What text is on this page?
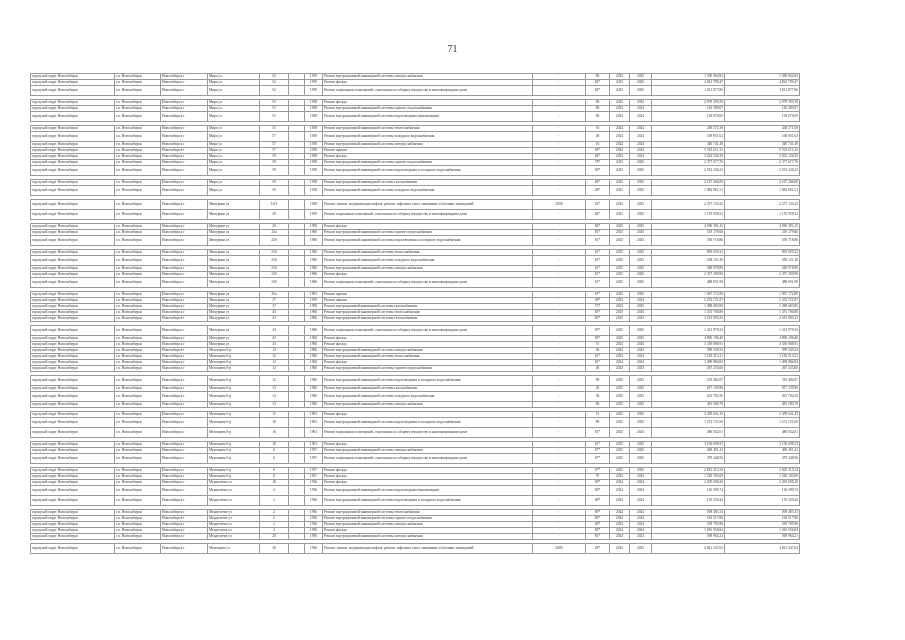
71
городской округ Новосибирск	г.п. Новосибирск	Новосибирск г	Мира ул	52		1959	Ремонт внутридомовой инженерной системы электроснабжения	-	60	2023	2025	1 390 064,84	1 390 064,84
городской округ Новосибирск	г.п. Новосибирск	Новосибирск г	Мира ул	52		1959	Ремонт фасада	-	84*	2023	2025	4 823 799,47	4 823 799,47
городской округ Новосибирск	г.п. Новосибирск	Новосибирск г	Мира ул	52		1959	Ремонт подвальных помещений, относящихся к общему имуществу в многоквартирном доме	-	84*	2023	2025	1 011 877,86	1 011 877,86

городской округ Новосибирск	г.п. Новосибирск	Новосибирск г	Мира ул	53		1958	Ремонт фасада	-	60	2023	2023	2 979 395,50	2 979 395,50
городской округ Новосибирск	г.п. Новосибирск	Новосибирск г	Мира ул	53		1958	Ремонт внутридомовой инженерной системы горячего водоснабжения	-	69	2024	2024	145 389,07	145 389,07
городской округ Новосибирск	г.п. Новосибирск	Новосибирск г	Мира ул	53		1958	Ремонт внутридомовой инженерной системы водоотведения (канализации)	-	60	2024	2024	139 670,69	139 670,69

городской округ Новосибирск	г.п. Новосибирск	Новосибирск г	Мира ул	53		1958	Ремонт внутридомовой инженерной системы теплоснабжения	-	16	2024	2024	438 571,58	438 571,58
городской округ Новосибирск	г.п. Новосибирск	Новосибирск г	Мира ул	57		1958	Ремонт внутридомовой инженерной системы холодного водоснабжения	-	48	2024	2024	100 851,62	100 851,62
городской округ Новосибирск	г.п. Новосибирск	Новосибирск г	Мира ул	57		1958	Ремонт внутридомовой инженерной системы электроснабжения	-	16	2024	2024	340 741,49	340 741,49
городской округ Новосибирск	г.п. Новосибирск	Новосибирск г	Мира ул	57		1958	Ремонт крыши	-	84*	2024	2024	5 523 011,23	5 523 011,23
городской округ Новосибирск	г.п. Новосибирск	Новосибирск г	Мира ул	59		1958	Ремонт фасада	-	84*	2024	2024	3 032 126,30	3 032 126,30
городской округ Новосибирск	г.п. Новосибирск	Новосибирск г	Мира ул	59		1958	Ремонт внутридомовой инженерной системы горячего водоснабжения	-	78*	2023	2025	2 377 677,76	2 377 677,76
городской округ Новосибирск	г.п. Новосибирск	Новосибирск г	Мира ул	59		1958	Ремонт внутридомовой инженерной системы водоотведения и холодного водоснабжения	-	69*	2023	2025	2 553 226,23	2 553 226,23

городской округ Новосибирск	г.п. Новосибирск	Новосибирск г	Мира ул	59		1958	Ремонт внутридомовой инженерной системы газоснабжения	-	84*	2023	2025	2 167 266,00	2 167 266,00
городской округ Новосибирск	г.п. Новосибирск	Новосибирск г	Мира ул	59		1958	Ремонт внутридомовой инженерной системы холодного водоснабжения	-	48*	2023	2025	1 082 061,51	1 082 061,51

городской округ Новосибирск	г.п. Новосибирск	Новосибирск г	Мичурина ул	10/3		1958	Ремонт, замена, модернизация лифтов, ремонт лифтовых шахт, машинных и блочных помещений	2058	82*	2023	2025	2 257 133,42	2 257 133,42
городской округ Новосибирск	г.п. Новосибирск	Новосибирск г	Мичурина ул	20		1959	Ремонт подвальных помещений, относящихся к общему имуществу в многоквартирном доме	-	84*	2023	2025	1 170 958,52	1 170 958,52

городской округ Новосибирск	г.п. Новосибирск	Новосибирск г	Мичурина ул	20		1959	Ремонт фасада	-	84*	2025	2025	4 596 381,25	4 596 381,25
городской округ Новосибирск	г.п. Новосибирск	Новосибирск г	Мичурина ул	23а		1960	Ремонт внутридомовой инженерной системы горячего водоснабжения	-	81*	2025	2025	319 179,66	319 179,66
городской округ Новосибирск	г.п. Новосибирск	Новосибирск г	Мичурина ул	23б		1960	Ремонт внутридомовой инженерной системы водоотведения и холодного водоснабжения	-	81*	2025	2025	550 718,86	550 718,86

городской округ Новосибирск	г.п. Новосибирск	Новосибирск г	Мичурина ул	23б		1960	Ремонт внутридомовой инженерной системы теплоснабжения	-	81*	2025	2025	995 050,32	995 050,32
городской округ Новосибирск	г.п. Новосибирск	Новосибирск г	Мичурина ул	23б		1960	Ремонт внутридомовой инженерной системы холодного водоснабжения	-	81*	2025	2025	238 131,30	238 131,30
городской округ Новосибирск	г.п. Новосибирск	Новосибирск г	Мичурина ул	23б		1960	Ремонт внутридомовой инженерной системы электроснабжения	-	81*	2025	2025	548 978,80	548 978,80
городской округ Новосибирск	г.п. Новосибирск	Новосибирск г	Мичурина ул	23б		1960	Ремонт фасада	-	81*	2025	2025	2 357 399,90	2 357 399,90
городской округ Новосибирск	г.п. Новосибирск	Новосибирск г	Мичурина ул	23б		1960	Ремонт подвальных помещений, относящихся к общему имуществу в многоквартирном доме	-	81*	2025	2025	488 051,90	488 051,90

городской округ Новосибирск	г.п. Новосибирск	Новосибирск г	Мичурина ул	25а		1961	Ремонт крыши	-	81*	2023	2025	1 967 172,80	1 967 172,80
городской округ Новосибирск	г.п. Новосибирск	Новосибирск г	Мичурина ул	37		1959	Ремонт крыши	-	69*	2024	2024	5 253 721,87	5 253 721,87
городской округ Новосибирск	г.п. Новосибирск	Новосибирск г	Мичурина ул	37		1959	Ремонт внутридомовой инженерной системы газоснабжения	-	73*	2023	2025	1 388 683,85	1 388 683,85
городской округ Новосибирск	г.п. Новосибирск	Новосибирск г	Мичурина ул	43		1960	Ремонт внутридомовой инженерной системы теплоснабжения	-	85*	2025	2025	1 351 700,80	1 351 700,80
городской округ Новосибирск	г.п. Новосибирск	Новосибирск г	Мичурина ул	43		1960	Ремонт внутридомовой инженерной системы газоснабжения	-	85*	2025	2025	2 615 903,33	2 615 903,33

городской округ Новосибирск	г.п. Новосибирск	Новосибирск г	Мичурина ул	43		1960	Ремонт подвальных помещений, относящихся к общему имуществу в многоквартирном доме	-	85*	2025	2025	1 413 979,33	1 413 979,33
городской округ Новосибирск	г.п. Новосибирск	Новосибирск г	Мичурина ул	43		1960	Ремонт фасада	-	85*	2025	2025	4 896 196,40	4 896 196,40
городской округ Новосибирск	г.п. Новосибирск	Новосибирск г	Мичурина ул	43		1960	Ремонт фасада	-	15	2025	2025	3 339 808,91	3 339 808,91
городской округ Новосибирск	г.п. Новосибирск	Новосибирск г	Мезенцева б-р	12		1960	Ремонт внутридомовой инженерной системы электроснабжения	-	46	2024	2024	599 549,54	599 549,54
городской округ Новосибирск	г.п. Новосибирск	Новосибирск г	Мезенцева б-р	12		1960	Ремонт внутридомовой инженерной системы теплоснабжения	-	81*	2024	2024	1 183 313,21	1 183 313,21
городской округ Новосибирск	г.п. Новосибирск	Новосибирск г	Мезенцева б-р	12		1960	Ремонт фасада	-	81*	2024	2024	1 499 884,84	1 499 884,84
городской округ Новосибирск	г.п. Новосибирск	Новосибирск г	Мезенцева б-р	12		1960	Ремонт внутридомовой инженерной системы горячего водоснабжения	-	40	2025	2025	267 233,60	267 233,60

городской округ Новосибирск	г.п. Новосибирск	Новосибирск г	Мезенцева б-р	12		1960	Ремонт внутридомовой инженерной системы водоотведения и холодного водоснабжения	-	89	2025	2025	519 482,87	519 482,87
городской округ Новосибирск	г.п. Новосибирск	Новосибирск г	Мезенцева б-р	13		1960	Ремонт внутридомовой инженерной системы газоснабжения	-	45	2025	2025	817 159,96	817 159,96
городской округ Новосибирск	г.п. Новосибирск	Новосибирск г	Мезенцева б-р	13		1960	Ремонт внутридомовой инженерной системы холодного водоснабжения	-	36	2025	2025	201 792,50	201 792,50
городской округ Новосибирск	г.п. Новосибирск	Новосибирск г	Мезенцева б-р	13		1960	Ремонт внутридомовой инженерной системы электроснабжения	-	60	2025	2025	481 580,70	481 580,70

городской округ Новосибирск	г.п. Новосибирск	Новосибирск г	Мезенцева б-р	15		1961	Ремонт фасада	-	15	2025	2025	3 459 641,43	3 459 641,43
городской округ Новосибирск	г.п. Новосибирск	Новосибирск г	Мезенцева б-р	16		1961	Ремонт внутридомовой инженерной системы водоотведения и холодного водоснабжения	-	89	2025	2025	1 272 721,60	1 272 721,60
городской округ Новосибирск	г.п. Новосибирск	Новосибирск г	Мезенцева б-р	16		1961	Ремонт подвальных помещений, относящихся к общему имуществу в многоквартирном доме	-	81*	2025	2025	480 032,01	480 032,01

городской округ Новосибирск	г.п. Новосибирск	Новосибирск г	Мезенцева б-р	16		1961	Ремонт фасада	-	81*	2025	2025	3 156 698,53	3 156 698,53
городской округ Новосибирск	г.п. Новосибирск	Новосибирск г	Мезенцева б-р	6		1957	Ремонт внутридомовой инженерной системы электроснабжения	-	87*	2025	2025	469 491,41	469 491,41
городской округ Новосибирск	г.п. Новосибирск	Новосибирск г	Мезенцева б-р	6		1957	Ремонт подвальных помещений, относящихся к общему имуществу в многоквартирном доме	-	87*	2025	2025	479 448,56	479 448,56

городской округ Новосибирск	г.п. Новосибирск	Новосибирск г	Мезенцева б-р	6		1957	Ремонт фасада	-	87*	2025	2025	2 825 313,34	2 825 313,34
городской округ Новосибирск	г.п. Новосибирск	Новосибирск г	Мезенцева б-р	8		1957	Ремонт фасада	-	70	2023	2023	1 520 183,60	1 520 183,60
городской округ Новосибирск	г.п. Новосибирск	Новосибирск г	Менделеева ул	18		1956	Ремонт фасада	-	80*	2024	2024	2 295 698,20	2 295 698,20
городской округ Новосибирск	г.п. Новосибирск	Новосибирск г	Менделеева ул	2		1956	Ремонт внутридомовой инженерной системы водоотведения (канализации)	-	80*	2024	2024	136 590,74	136 590,74
городской округ Новосибирск	г.п. Новосибирск	Новосибирск г	Менделеева ул	2		1956	Ремонт внутридомовой инженерной системы водоотведения и холодного водоснабжения	-	80*	2024	2024	176 350,44	176 350,44

городской округ Новосибирск	г.п. Новосибирск	Новосибирск г	Менделеева ул	2		1956	Ремонт внутридомовой инженерной системы теплоснабжения	-	80*	2024	2024	509 483,13	509 483,13
городской округ Новосибирск	г.п. Новосибирск	Новосибирск г	Менделеева ул	2		1956	Ремонт внутридомовой инженерной системы горячего водоснабжения	-	80*	2024	2024	165 517,86	165 517,86
городской округ Новосибирск	г.п. Новосибирск	Новосибирск г	Менделеева ул	2		1956	Ремонт внутридомовой инженерной системы электроснабжения	-	80*	2024	2024	239 785,96	239 785,96
городской округ Новосибирск	г.п. Новосибирск	Новосибирск г	Менделеева ул	2		1956	Ремонт фасада	-	80*	2024	2024	1 016 556,84	1 016 556,84
городской округ Новосибирск	г.п. Новосибирск	Новосибирск г	Менделеева ул	20		1956	Ремонт внутридомовой инженерной системы электроснабжения	-	81*	2023	2023	569 964,21	569 964,21

городской округ Новосибирск	г.п. Новосибирск	Новосибирск г	Мезенцева ул	26		1956	Ремонт, замена, модернизация лифтов, ремонт лифтовых шахт, машинных и блочных помещений	2000	28*	2023	2025	4 821 347,62	4 821 347,62
